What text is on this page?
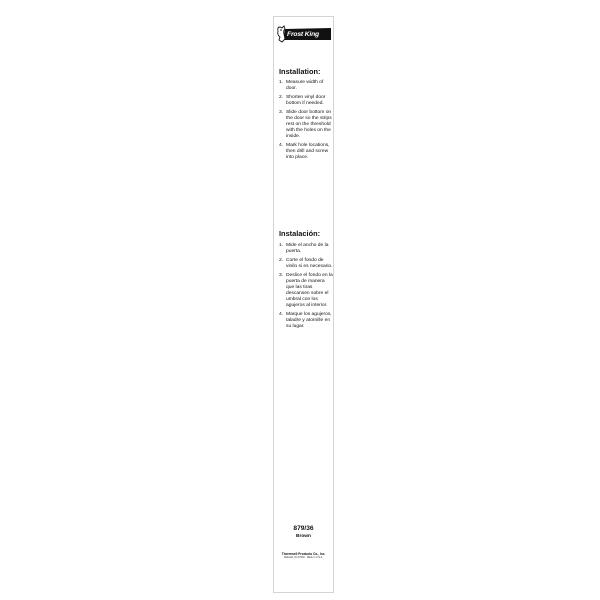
Frost King
Installation:
1. Measure width of door.
2. Shorten vinyl door bottom if needed.
3. Slide door bottom on the door so the strips rest on the threshold with the holes on the inside.
4. Mark hole locations, then drill and screw into place.
Instalación:
1. Mide el ancho de la puerta.
2. Corte el fondo de vinilo si es necesario.
3. Deslice el fondo en la puerta de manera que las tiras descansen sobre el umbral con los agujeros al interior.
4. Marque los agujeros, taladre y atornille en su lugar.
879/36
Brown
Thermwell Products Co., Inc.
Mahwah, NJ 07430 · Made in U.S.A.
